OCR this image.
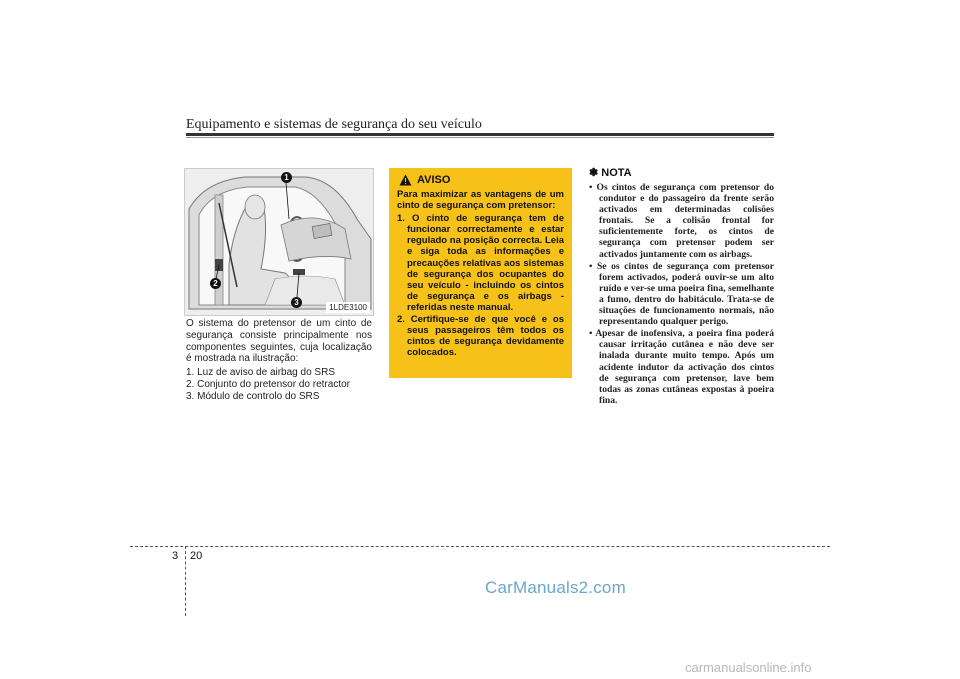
Equipamento e sistemas de segurança do seu veículo
1
2
3
1LDE3100

O sistema do pretensor de um cinto de segurança consiste principalmente nos componentes seguintes, cuja localização é mostrada na ilustração:

1. Luz de aviso de airbag do SRS
2. Conjunto do pretensor do retractor
3. Módulo de controlo do SRS
AVISO

Para maximizar as vantagens de um cinto de segurança com pretensor:

1. O cinto de segurança tem de funcionar correctamente e estar regulado na posição correcta. Leia e siga toda as informações e precauções relativas aos sistemas de segurança dos ocupantes do seu veículo - incluindo os cintos de segurança e os airbags - referidas neste manual.
2. Certifique-se de que você e os seus passageiros têm todos os cintos de segurança devidamente colocados.
✽ NOTA
• Os cintos de segurança com pretensor do condutor e do passageiro da frente serão activados em determinadas colisões frontais. Se a colisão frontal for suficientemente forte, os cintos de segurança com pretensor podem ser activados juntamente com os airbags.
• Se os cintos de segurança com pretensor forem activados, poderá ouvir-se um alto ruído e ver-se uma poeira fina, semelhante a fumo, dentro do habitáculo. Trata-se de situações de funcionamento normais, não representando qualquer perigo.
• Apesar de inofensiva, a poeira fina poderá causar irritação cutânea e não deve ser inalada durante muito tempo. Após um acidente indutor da activação dos cintos de segurança com pretensor, lave bem todas as zonas cutâneas expostas à poeira fina.
3 20
CarManuals2.com
carmanualsonline.info
